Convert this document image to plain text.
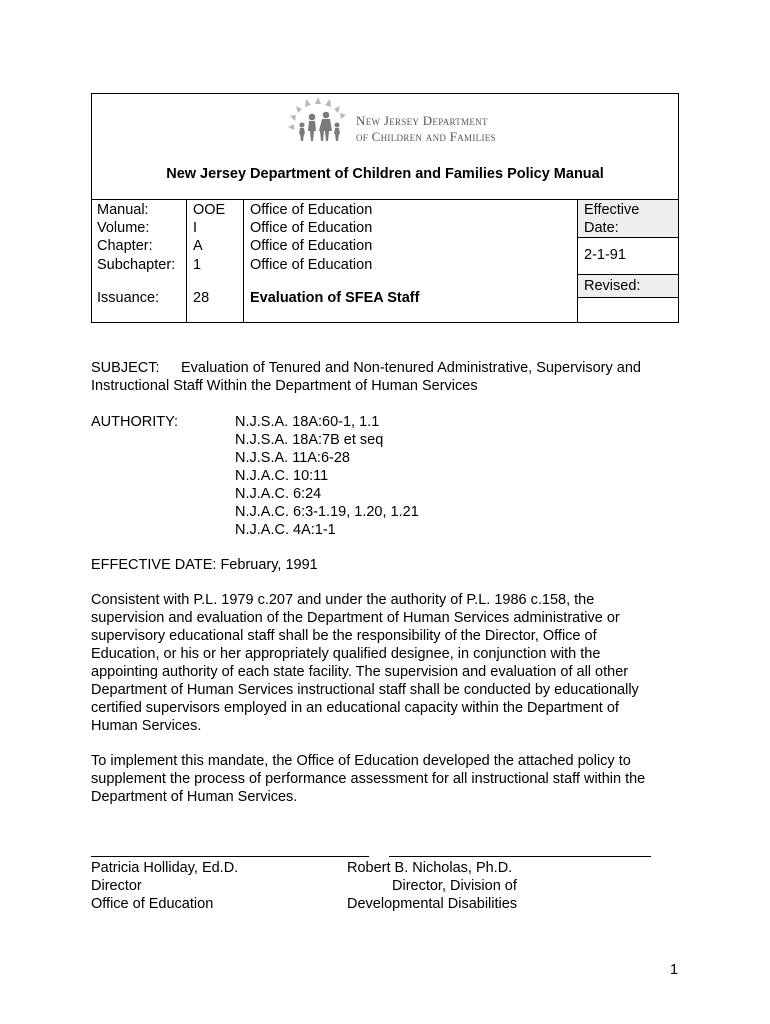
New Jersey Department
of Children and Families
New Jersey Department of Children and Families Policy Manual
Manual:	OOE Office of Education
Volume:	I	Office of Education
Chapter:	A	Office of Education
Subchapter: 1	Office of Education
Issuance: 28	Evaluation of SFEA Staff
Effective
Date:
2-1-91
Revised:
SUBJECT: Evaluation of Tenured and Non-tenured Administrative, Supervisory and
Instructional Staff Within the Department of Human Services
AUTHORITY:	N.J.S.A. 18A:60-1, 1.1
N.J.S.A. 18A:7B et seq
N.J.S.A. 11A:6-28
N.J.A.C. 10:11
N.J.A.C. 6:24
N.J.A.C. 6:3-1.19, 1.20, 1.21
N.J.A.C. 4A:1-1
EFFECTIVE DATE: February, 1991
Consistent with P.L. 1979 c.207 and under the authority of P.L. 1986 c.158, the
supervision and evaluation of the Department of Human Services administrative or
supervisory educational staff shall be the responsibility of the Director, Office of
Education, or his or her appropriately qualified designee, in conjunction with the
appointing authority of each state facility. The supervision and evaluation of all other
Department of Human Services instructional staff shall be conducted by educationally
certified supervisors employed in an educational capacity within the Department of
Human Services.
To implement this mandate, the Office of Education developed the attached policy to
supplement the process of performance assessment for all instructional staff within the
Department of Human Services.
Patricia Holliday, Ed.D.
Director
Office of Education
Robert B. Nicholas, Ph.D.
Director, Division of
Developmental Disabilities
1
